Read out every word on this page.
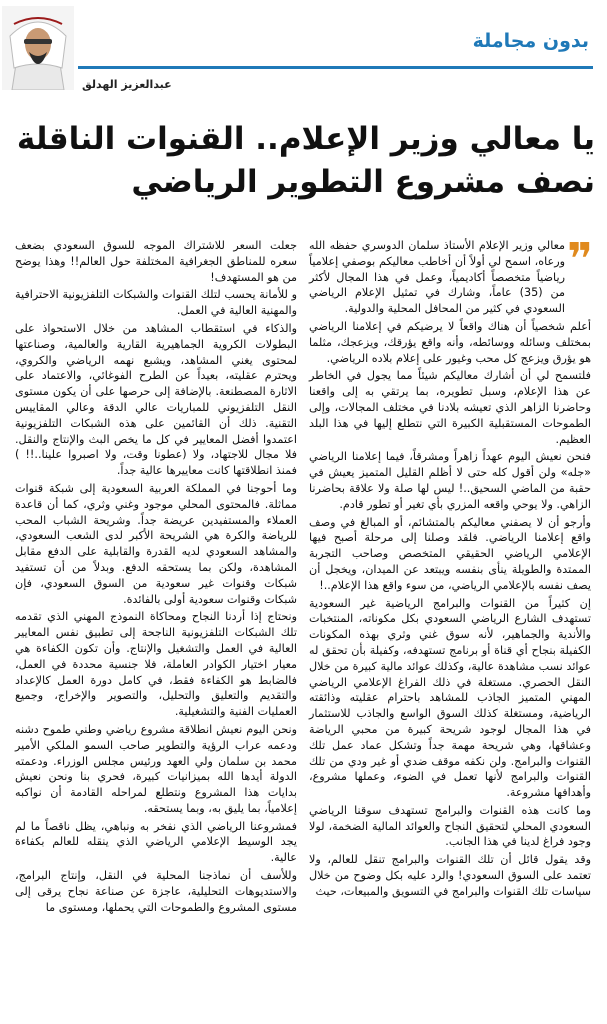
بدون مجاملة
عبدالعزيز الهدلق
يا معالي وزير الإعلام.. القنوات الناقلة
نصف مشروع التطوير الرياضي
❞

معالي وزير الإعلام الأستاذ سلمان الدوسري حفظه الله ورعاه، اسمح لي أولاً أن أخاطب معاليكم بوصفي إعلامياً رياضياً متخصصاً أكاديمياً، وعمل في هذا المجال لأكثر من (35) عاماً، وشارك في تمثيل الإعلام الرياضي السعودي في كثير من المحافل المحلية والدولية.

أعلم شخصياً أن هناك واقعاً لا يرضيكم في إعلامنا الرياضي بمختلف وسائله ووسائطه، وأنه واقع يؤرقك، ويزعجك، مثلما هو يؤرق ويزعج كل محب وغيور على إعلام بلاده الرياضي.

فلتسمح لي أن أشارك معاليكم شيئاً مما يجول في الخاطر عن هذا الإعلام، وسبل تطويره، بما يرتقي به إلى واقعنا وحاضرنا الزاهر الذي تعيشه بلادنا في مختلف المجالات، وإلى الطموحات المستقبلية الكبيرة التي نتطلع إليها في هذا البلد العظيم.

فنحن نعيش اليوم عهداً زاهراً ومشرقاً، فيما إعلامنا الرياضي «جله» ولن أقول كله حتى لا أظلم القليل المتميز يعيش في حقبة من الماضي السحيق..! ليس لها صلة ولا علاقة بحاضرنا الزاهي. ولا يوحي واقعه المزري بأي تغير أو تطور قادم.

وأرجو أن لا يصفني معاليكم بالمتشائم، أو المبالغ في وصف واقع إعلامنا الرياضي. فلقد وصلنا إلى مرحلة أصبح فيها الإعلامي الرياضي الحقيقي المتخصص وصاحب التجربة الممتدة والطويلة ينأى بنفسه ويبتعد عن الميدان، ويخجل أن يصف نفسه بالإعلامي الرياضي، من سوء واقع هذا الإعلام..!

إن كثيراً من القنوات والبرامج الرياضية غير السعودية تستهدف الشارع الرياضي السعودي بكل مكوناته، المنتخبات والأندية والجماهير، لأنه سوق غني وثري بهذه المكونات الكفيلة بنجاح أي قناة أو برنامج تستهدفه، وكفيلة بأن تحقق له عوائد نسب مشاهدة عالية، وكذلك عوائد مالية كبيرة من خلال النقل الحصري. مستغلة في ذلك الفراغ الإعلامي الرياضي المهني المتميز الجاذب للمشاهد باحترام عقليته وذائقته الرياضية، ومستغلة كذلك السوق الواسع والجاذب للاستثمار في هذا المجال لوجود شريحة كبيرة من محبي الرياضة وعشاقها، وهي شريحة مهمة جداً وتشكل عماد عمل تلك القنوات والبرامج. ولن نكفه موقف ضدي أو غير ودي من تلك القنوات والبرامج لأنها تعمل في الضوء، وعملها مشروع، وأهدافها مشروعة.

وما كانت هذه القنوات والبرامج تستهدف سوقنا الرياضي السعودي المحلي لتحقيق النجاح والعوائد المالية الضخمة، لولا وجود فراغ لدينا في هذا الجانب.

وقد يقول قائل أن تلك القنوات والبرامج تنقل للعالم، ولا تعتمد على السوق السعودي! والرد عليه بكل وضوح من خلال سياسات تلك القنوات والبرامج في التسويق والمبيعات، حيث

جعلت السعر للاشتراك الموجه للسوق السعودي بضعف سعره للمناطق الجغرافية المختلفة حول العالم!! وهذا يوضح من هو المستهدف!

و للأمانة يحسب لتلك القنوات والشبكات التلفزيونية الاحترافية والمهنية العالية في العمل.

والذكاء في استقطاب المشاهد من خلال الاستحواذ على البطولات الكروية الجماهيرية القارية والعالمية، وصناعتها لمحتوى يغني المشاهد، ويشبع نهمه الرياضي والكروي، ويحترم عقليته، بعيداً عن الطرح الفوغائي، والاعتماد على الاثارة المصطنعة. بالإضافة إلى حرصها على أن يكون مستوى النقل التلفزيوني للمباريات عالي الدقة وعالي المقاييس التقنية. ذلك أن القائمين على هذه الشبكات التلفزيونية اعتمدوا أفضل المعايير في كل ما يخص البث والإنتاج والنقل. فلا مجال للاجتهاد، ولا (عطونا وقت، ولا اصبروا علينا..!! ) فمنذ انطلاقتها كانت معاييرها عالية جداً.

وما أحوجنا في المملكة العربية السعودية إلى شبكة قنوات مماثلة. فالمحتوى المحلي موجود وغني وثري، كما أن قاعدة العملاء والمستفيدين عريضة جداً. وشريحة الشباب المحب للرياضة والكرة هي الشريحة الأكبر لدى الشعب السعودي، والمشاهد السعودي لديه القدرة والقابلية على الدفع مقابل المشاهدة، ولكن بما يستحقه الدفع. وبدلاً من أن تستفيد شبكات وقنوات غير سعودية من السوق السعودي، فإن شبكات وقنوات سعودية أولى بالفائدة.

ونحتاج إذا أردنا النجاح ومحاكاة النموذج المهني الذي تقدمه تلك الشبكات التلفزيونية الناجحة إلى تطبيق نفس المعايير العالية في العمل والتشغيل والإنتاج. وأن تكون الكفاءة هي معيار اختيار الكوادر العاملة، فلا جنسية محددة في العمل، فالضابط هو الكفاءة فقط، في كامل دورة العمل كالإعداد والتقديم والتعليق والتحليل، والتصوير والإخراج، وجميع العمليات الفنية والتشغيلية.

ونحن اليوم نعيش انطلاقة مشروع رياضي وطني طموح دشنه ودعمه عراب الرؤية والتطوير صاحب السمو الملكي الأمير محمد بن سلمان ولي العهد ورئيس مجلس الوزراء. ودعمته الدولة أيدها الله بميزانيات كبيرة، فحري بنا ونحن نعيش بدايات هذا المشروع ونتطلع لمراحله القادمة أن نواكبه إعلامياً، بما يليق به، وبما يستحقه.

فمشروعنا الرياضي الذي نفخر به ونباهي، يظل ناقصاً ما لم يجد الوسيط الإعلامي الرياضي الذي ينقله للعالم بكفاءة عالية.

وللأسف أن نماذجنا المحلية في النقل، وإنتاج البرامج، والاستديوهات التحليلية، عاجزة عن صناعة نجاح يرقى إلى مستوى المشروع والطموحات التي يحملها، ومستوى ما
